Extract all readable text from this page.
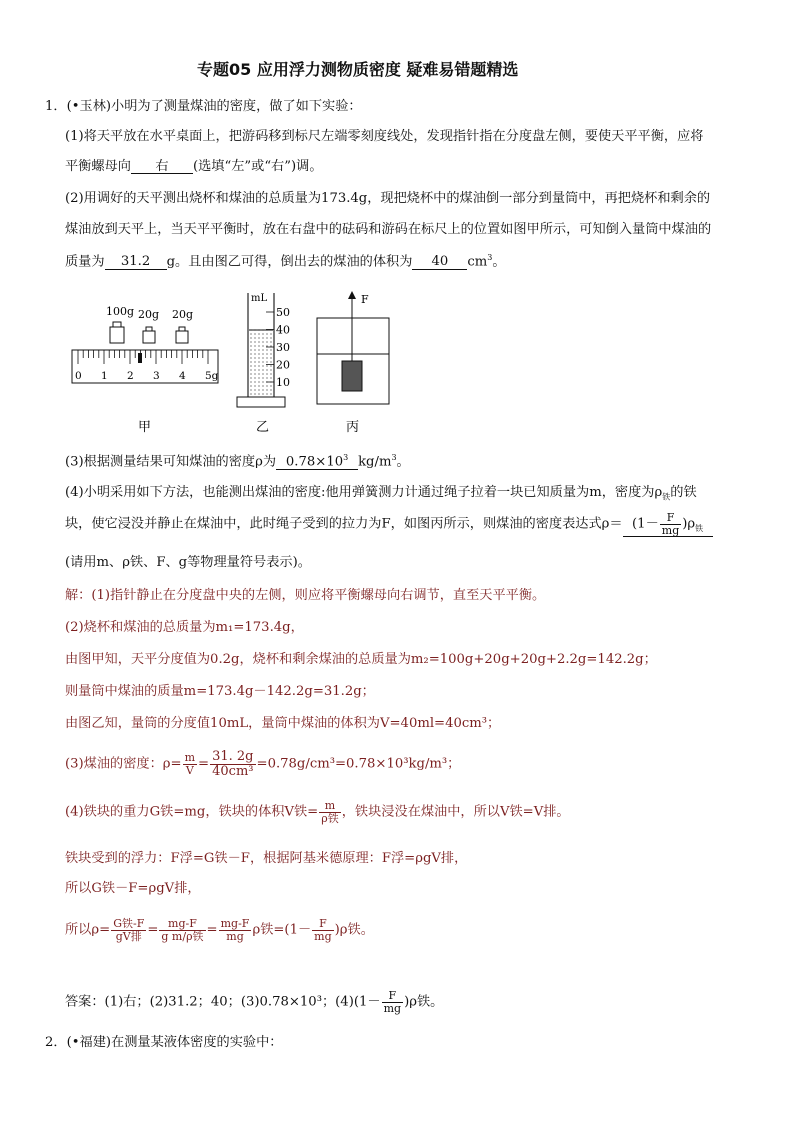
专题05 应用浮力测物质密度 疑难易错题精选
1．(•玉林)小明为了测量煤油的密度，做了如下实验：
(1)将天平放在水平桌面上，把游码移到标尺左端零刻度线处，发现指针指在分度盘左侧，要使天平平衡，应将
平衡螺母向 右 (选填“左”或“右”)调。
(2)用调好的天平测出烧杯和煤油的总质量为173.4g，现把烧杯中的煤油倒一部分到量筒中，再把烧杯和剩余的
煤油放到天平上，当天平平衡时，放在右盘中的砝码和游码在标尺上的位置如图甲所示，可知倒入量筒中煤油的
质量为 31.2 g。且由图乙可得，倒出去的煤油的体积为 40 $cm^3$。
100g 20g 20g
0 1 2 3 4 5g
mL
50
40
30
20
10
F
甲	乙	丙
(3)根据测量结果可知煤油的密度ρ为 $0.78\times 10^3$ $kg/m^3$。
(4)小明采用如下方法，也能测出煤油的密度:他用弹簧测力计通过绳子拉着一块已知质量为m，密度为$\rho_铁$的铁
块，使它浸没并静止在煤油中，此时绳子受到的拉力为F，如图丙所示，则煤油的密度表达式$\rho= (1- \frac{F}{mg} )\rho_铁$
(请用m、ρ铁、F、g等物理量符号表示)。
解：(1)指针静止在分度盘中央的左侧，则应将平衡螺母向右调节，直至天平平衡。
(2)烧杯和煤油的总质量为m₁=173.4g，
由图甲知，天平分度值为0.2g，烧杯和剩余煤油的总质量为m₂=100g+20g+20g+2.2g=142.2g；
则量筒中煤油的质量m=173.4g－142.2g=31.2g；
由图乙知，量筒的分度值10mL，量筒中煤油的体积为V=40ml=40cm³；
(3)煤油的密度：$\rho= \frac{m}{V} = \frac{31. 2g}{\text{40cm³}} =0.78g/cm^3=0.78\times 10^3kg/m^3$；
(4)铁块的重力G铁=mg，铁块的体积V铁= $\frac{m}{\text{ρ铁}}$ ，铁块浸没在煤油中，所以V铁=V排。
铁块受到的浮力：F浮=G铁－F，根据阿基米德原理：F浮=ρgV排，
所以G铁－F=ρgV排，
所以$\rho= \frac{\text{G铁-F}}{\text{gV排}} = \frac{mg-F}{\text{g m/ρ铁}} = \frac{mg-F}{mg}$ ρ铁$=(1- \frac{F}{mg} )\rho$铁。
答案：(1)右；(2)31.2；40；(3)0.78×10³；$(4)(1- \frac{F}{mg} )\rho$铁。
2．(•福建)在测量某液体密度的实验中：
